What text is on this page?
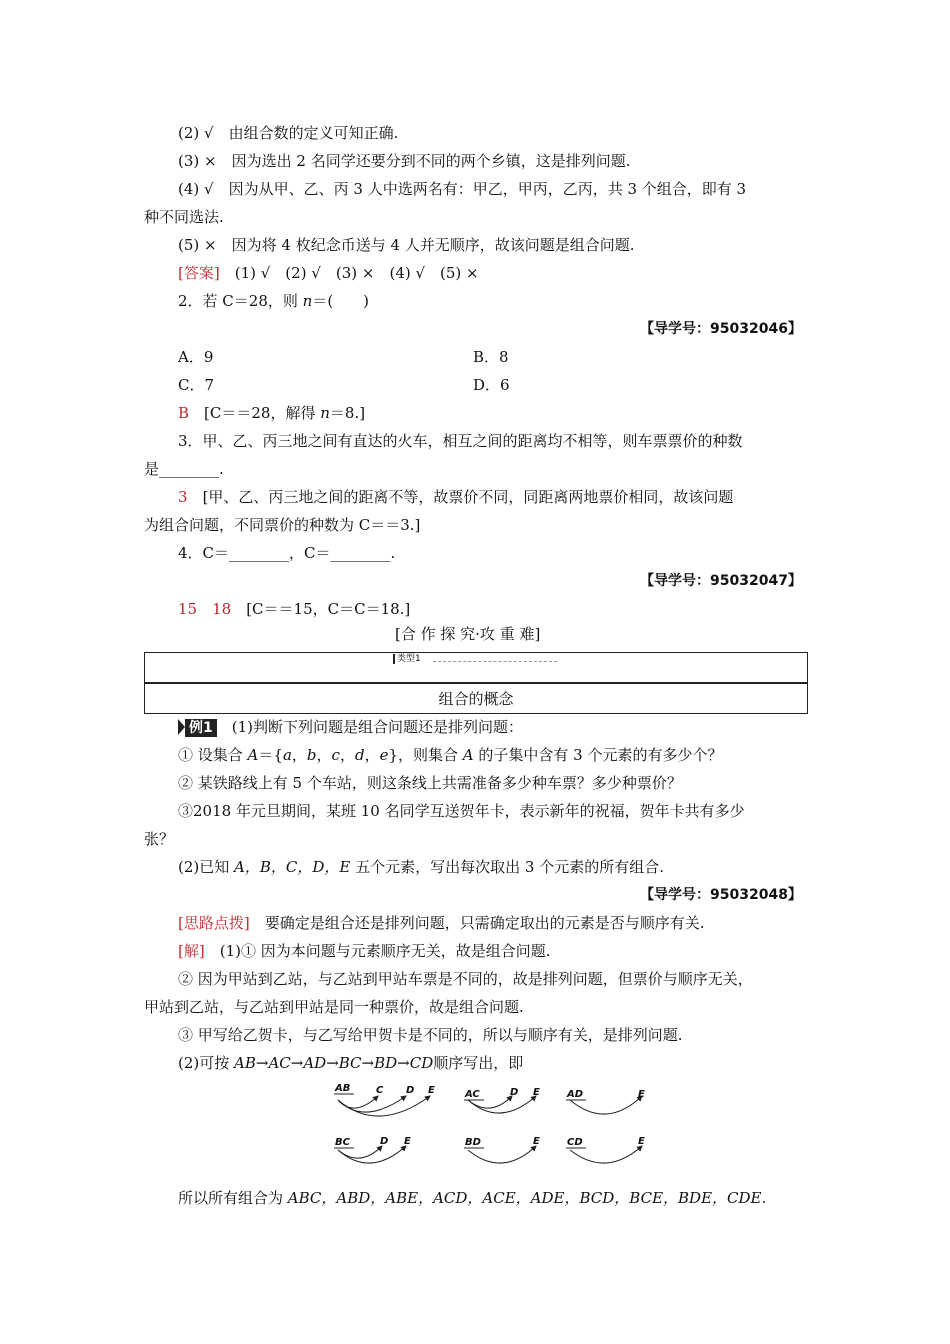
(2) √　 由组合数的定义可知正确.
(3) ×　 因为选出 2 名同学还要分到不同的两个乡镇，这是排列问题.
(4) √　 因为从甲、乙、丙 3 人中选两名有：甲乙，甲丙，乙丙，共 3 个组合，即有 3
种不同选法.
(5) ×　 因为将 4 枚纪念币送与 4 人并无顺序，故该问题是组合问题.
[答案]　 (1) √　(2) √　(3) ×　(4) √　(5) ×
2．若 C＝28，则 n＝(　　)
【导学号：95032046】
A．9	B．8
C．7	D．6
B　 [C＝＝28，解得 n＝8.]
3．甲、乙、丙三地之间有直达的火车，相互之间的距离均不相等，则车票票价的种数
是________.
3　 [甲、乙、丙三地之间的距离不等，故票价不同，同距离两地票价相同，故该问题
为组合问题，不同票价的种数为 C＝＝3.]
4．C＝________，C＝________.
【导学号：95032047】
15　18　 [C＝＝15，C＝C＝18.]
[合 作 探 究·攻 重 难]
类型1
组合的概念
例1　 (1)判断下列问题是组合问题还是排列问题：
① 设集合 A＝{a，b，c，d，e}，则集合 A 的子集中含有 3 个元素的有多少个？
② 某铁路线上有 5 个车站，则这条线上共需准备多少种车票？多少种票价？
③2018 年元旦期间，某班 10 名同学互送贺年卡，表示新年的祝福，贺年卡共有多少
张？
(2)已知 A，B，C，D，E 五个元素，写出每次取出 3 个元素的所有组合.
【导学号：95032048】
[思路点拨]　 要确定是组合还是排列问题，只需确定取出的元素是否与顺序有关.
[解]　 (1)① 因为本问题与元素顺序无关，故是组合问题.
② 因为甲站到乙站，与乙站到甲站车票是不同的，故是排列问题，但票价与顺序无关，
甲站到乙站，与乙站到甲站是同一种票价，故是组合问题.
③ 甲写给乙贺卡，与乙写给甲贺卡是不同的，所以与顺序有关，是排列问题.
(2)可按 AB→AC→AD→BC→BD→CD顺序写出，即
AB	C D E	AC	D E	AD	E
BC	D E	BD	E	CD	E
所以所有组合为 ABC，ABD，ABE，ACD，ACE，ADE，BCD，BCE，BDE，CDE.
